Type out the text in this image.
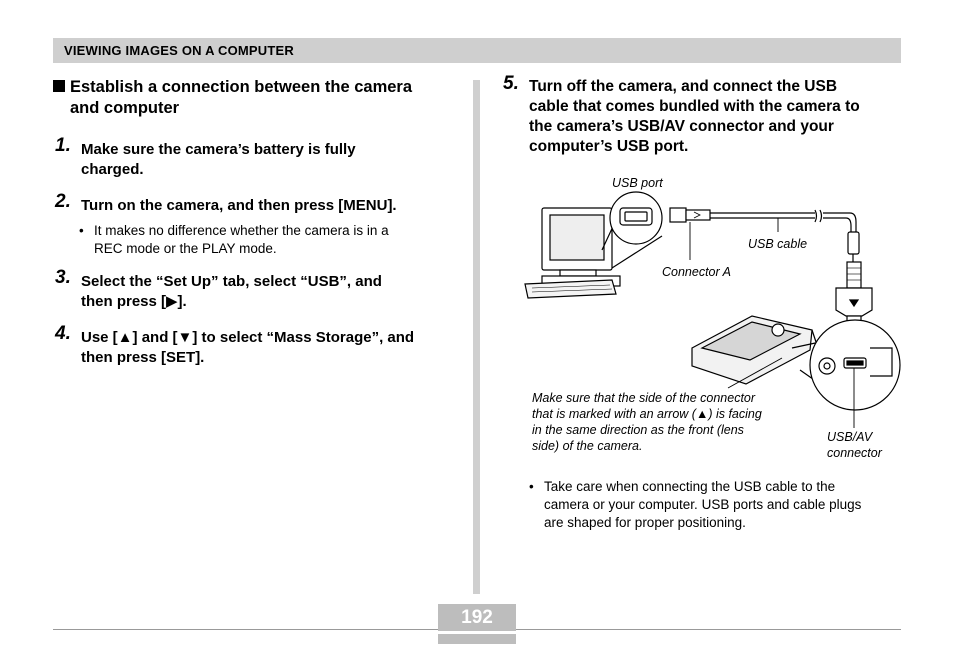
VIEWING IMAGES ON A COMPUTER
Establish a connection between the camera
and computer
1. Make sure the camera’s battery is fully
charged.
2. Turn on the camera, and then press [MENU].
• It makes no difference whether the camera is in a
REC mode or the PLAY mode.
3. Select the “Set Up” tab, select “USB”, and
then press [▶].
4. Use [▲] and [▼] to select “Mass Storage”, and
then press [SET].
5. Turn off the camera, and connect the USB
cable that comes bundled with the camera to
the camera’s USB/AV connector and your
computer’s USB port.
USB port
USB cable
Connector A
Make sure that the side of the connector
that is marked with an arrow (▲) is facing
in the same direction as the front (lens
side) of the camera.
USB/AV
connector
• Take care when connecting the USB cable to the
camera or your computer. USB ports and cable plugs
are shaped for proper positioning.
192
